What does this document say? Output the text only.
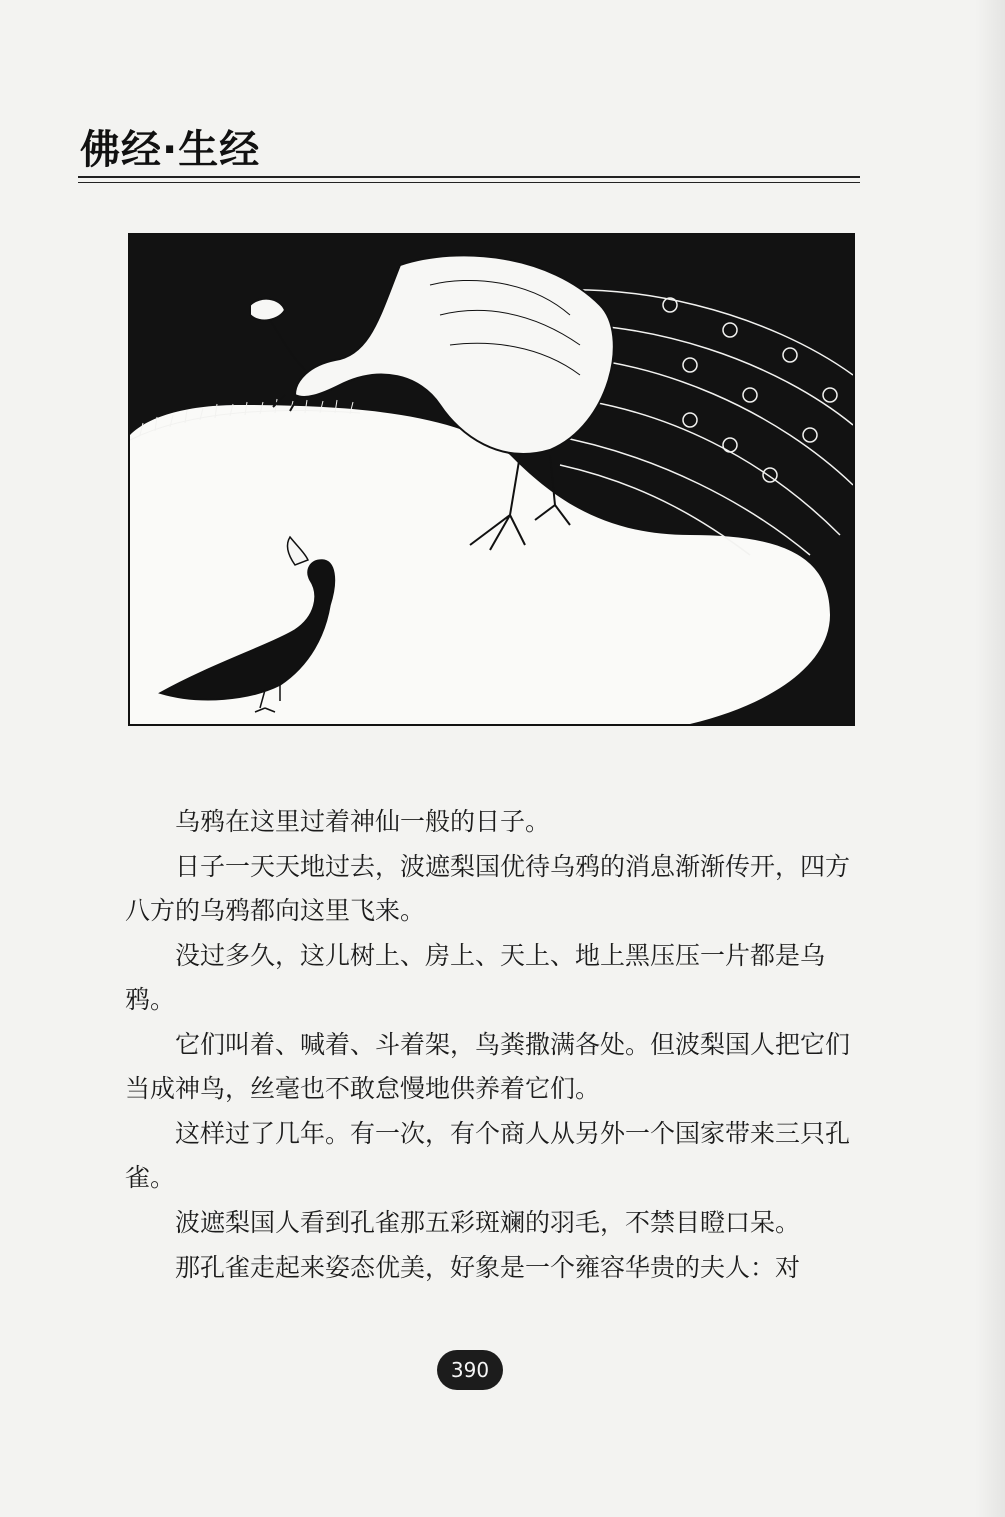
佛经·生经

乌鸦在这里过着神仙一般的日子。

日子一天天地过去，波遮梨国优待乌鸦的消息渐渐传开，四方八方的乌鸦都向这里飞来。

没过多久，这儿树上、房上、天上、地上黑压压一片都是乌鸦。

它们叫着、喊着、斗着架，鸟粪撒满各处。但波梨国人把它们当成神鸟，丝毫也不敢怠慢地供养着它们。

这样过了几年。有一次，有个商人从另外一个国家带来三只孔雀。

波遮梨国人看到孔雀那五彩斑斓的羽毛，不禁目瞪口呆。

那孔雀走起来姿态优美，好象是一个雍容华贵的夫人：对

390
